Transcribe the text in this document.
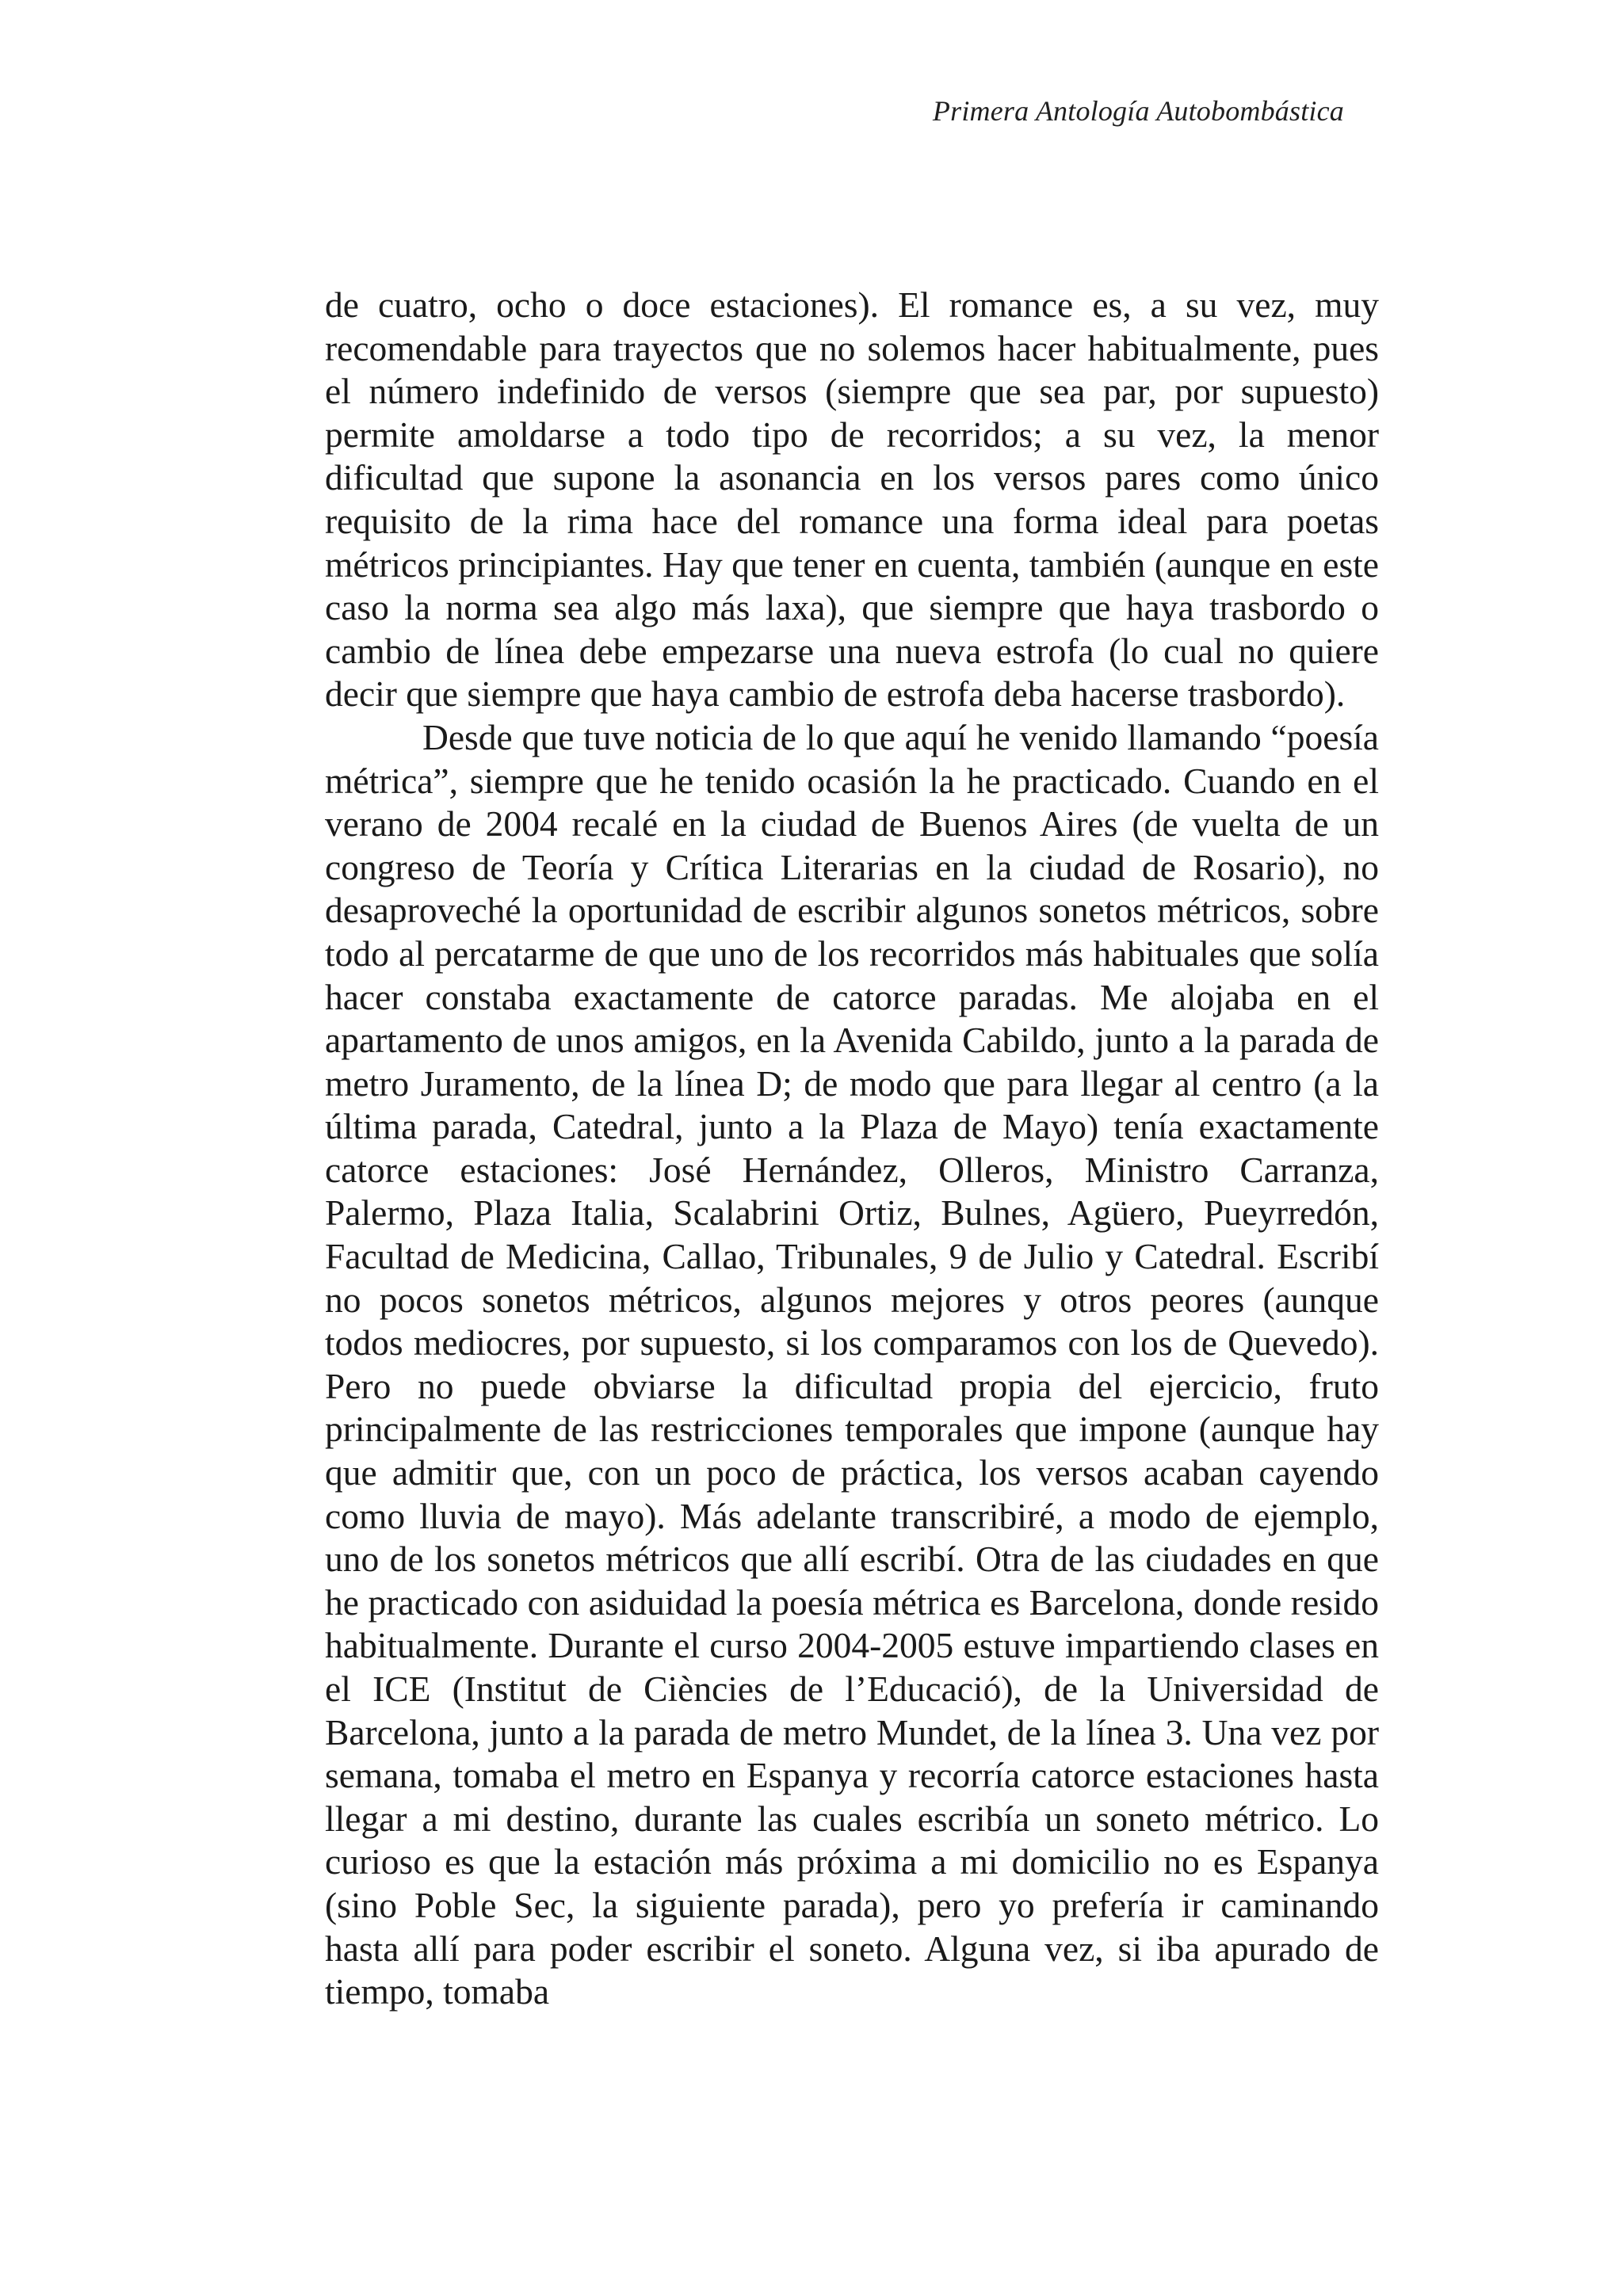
Primera Antología Autobombástica

de cuatro, ocho o doce estaciones). El romance es, a su vez, muy recomendable para trayectos que no solemos hacer habitualmente, pues el número indefinido de versos (siempre que sea par, por supuesto) permite amoldarse a todo tipo de recorridos; a su vez, la menor dificultad que supone la asonancia en los versos pares como único requisito de la rima hace del romance una forma ideal para poetas métricos principiantes. Hay que tener en cuenta, también (aunque en este caso la norma sea algo más laxa), que siempre que haya trasbordo o cambio de línea debe empezarse una nueva estrofa (lo cual no quiere decir que siempre que haya cambio de estrofa deba hacerse trasbordo).

Desde que tuve noticia de lo que aquí he venido llamando “poesía métrica”, siempre que he tenido ocasión la he practicado. Cuando en el verano de 2004 recalé en la ciudad de Buenos Aires (de vuelta de un congreso de Teoría y Crítica Literarias en la ciudad de Rosario), no desaproveché la oportunidad de escribir algunos sonetos métricos, sobre todo al percatarme de que uno de los recorridos más habituales que solía hacer constaba exactamente de catorce paradas. Me alojaba en el apartamento de unos amigos, en la Avenida Cabildo, junto a la parada de metro Juramento, de la línea D; de modo que para llegar al centro (a la última parada, Catedral, junto a la Plaza de Mayo) tenía exactamente catorce estaciones: José Hernández, Olleros, Ministro Carranza, Palermo, Plaza Italia, Scalabrini Ortiz, Bulnes, Agüero, Pueyrredón, Facultad de Medicina, Callao, Tribunales, 9 de Julio y Catedral. Escribí no pocos sonetos métricos, algunos mejores y otros peores (aunque todos mediocres, por supuesto, si los comparamos con los de Quevedo). Pero no puede obviarse la dificultad propia del ejercicio, fruto principalmente de las restricciones temporales que impone (aunque hay que admitir que, con un poco de práctica, los versos acaban cayendo como lluvia de mayo). Más adelante transcribiré, a modo de ejemplo, uno de los sonetos métricos que allí escribí. Otra de las ciudades en que he practicado con asiduidad la poesía métrica es Barcelona, donde resido habitualmente. Durante el curso 2004-2005 estuve impartiendo clases en el ICE (Institut de Ciències de l’Educació), de la Universidad de Barcelona, junto a la parada de metro Mundet, de la línea 3. Una vez por semana, tomaba el metro en Espanya y recorría catorce estaciones hasta llegar a mi destino, durante las cuales escribía un soneto métrico. Lo curioso es que la estación más próxima a mi domicilio no es Espanya (sino Poble Sec, la siguiente parada), pero yo prefería ir caminando hasta allí para poder escribir el soneto. Alguna vez, si iba apurado de tiempo, tomaba
